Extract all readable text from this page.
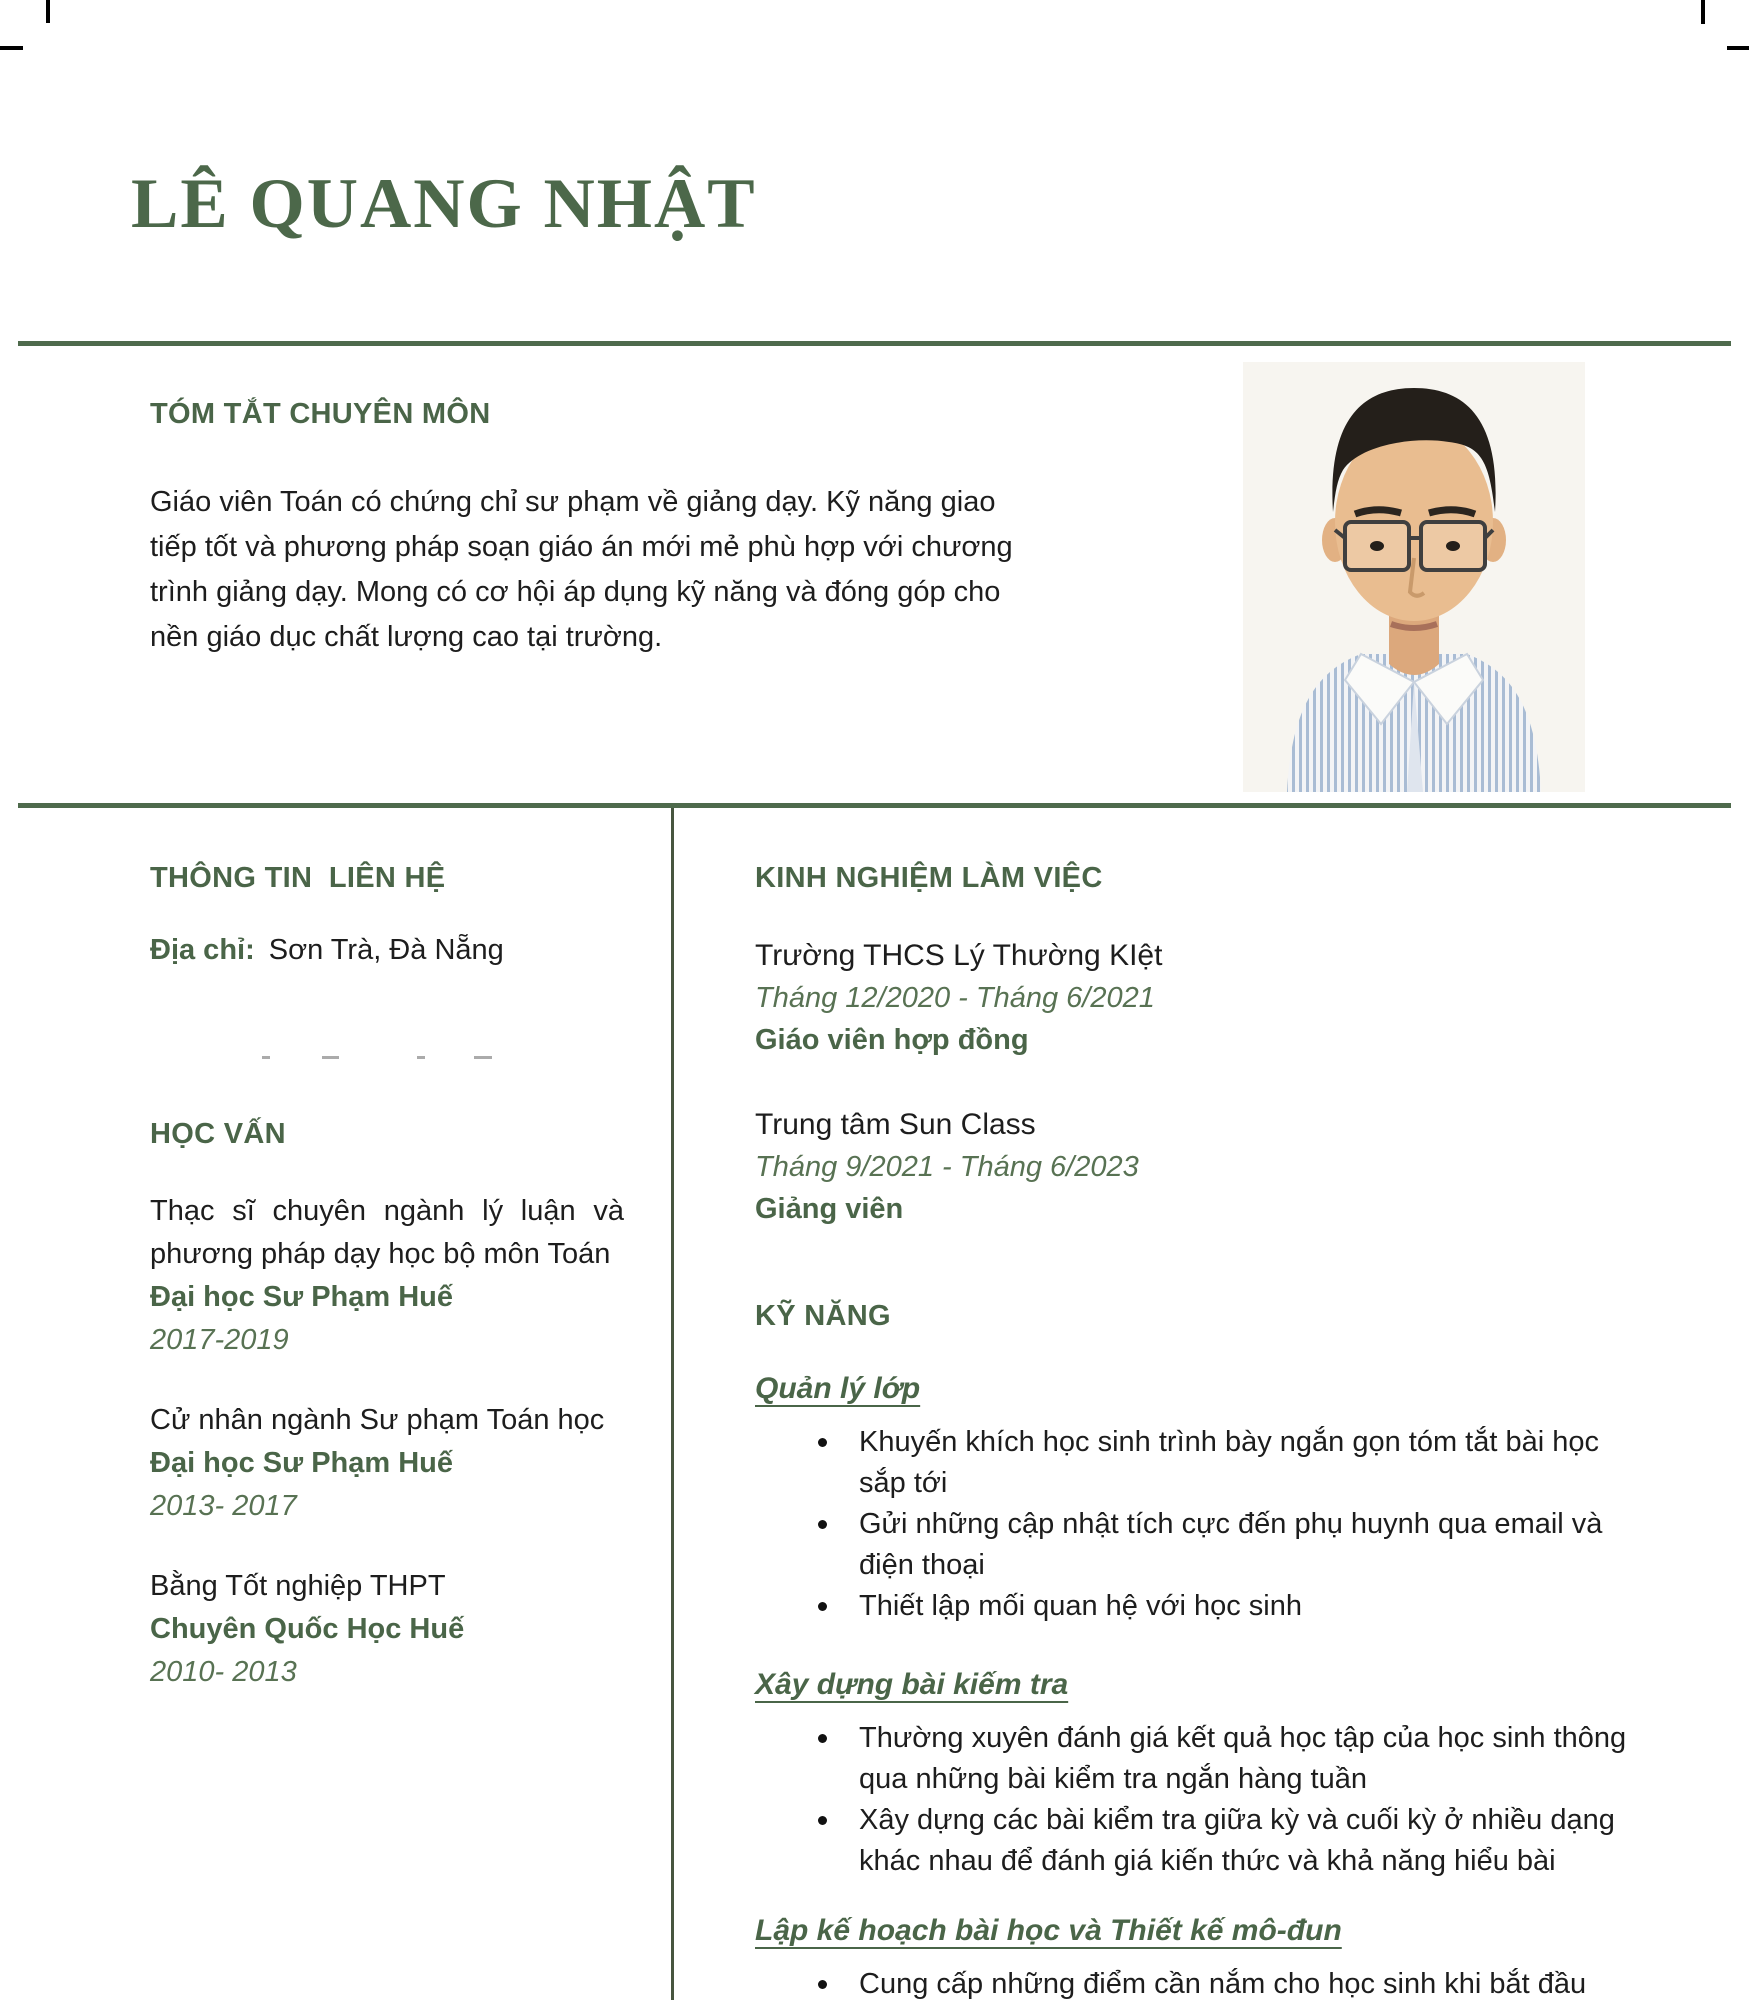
LÊ QUANG NHẬT
TÓM TẮT CHUYÊN MÔN

Giáo viên Toán có chứng chỉ sư phạm về giảng dạy. Kỹ năng giao tiếp tốt và phương pháp soạn giáo án mới mẻ phù hợp với chương trình giảng dạy. Mong có cơ hội áp dụng kỹ năng và đóng góp cho nền giáo dục chất lượng cao tại trường.

THÔNG TIN  LIÊN HỆ
Địa chỉ: Sơn Trà, Đà Nẵng
HỌC VẤN

Thạc sĩ chuyên ngành lý luận và phương pháp dạy học bộ môn Toán

Đại học Sư Phạm Huế
2017-2019

Cử nhân ngành Sư phạm Toán học

Đại học Sư Phạm Huế
2013- 2017

Bằng Tốt nghiệp THPT

Chuyên Quốc Học Huế
2010- 2013
KINH NGHIỆM LÀM VIỆC
Trường THCS Lý Thường KIệt
Tháng 12/2020 - Tháng 6/2021
Giáo viên hợp đồng
Trung tâm Sun Class
Tháng 9/2021 - Tháng 6/2023
Giảng viên
KỸ NĂNG
Quản lý lớp
Khuyến khích học sinh trình bày ngắn gọn tóm tắt bài học sắp tới
Gửi những cập nhật tích cực đến phụ huynh qua email và điện thoại
Thiết lập mối quan hệ với học sinh
Xây dựng bài kiếm tra
Thường xuyên đánh giá kết quả học tập của học sinh thông qua những bài kiểm tra ngắn hàng tuần
Xây dựng các bài kiểm tra giữa kỳ và cuối kỳ ở nhiều dạng khác nhau để đánh giá kiến thức và khả năng hiểu bài
Lập kế hoạch bài học và Thiết kế mô-đun
Cung cấp những điểm cần nắm cho học sinh khi bắt đầu
